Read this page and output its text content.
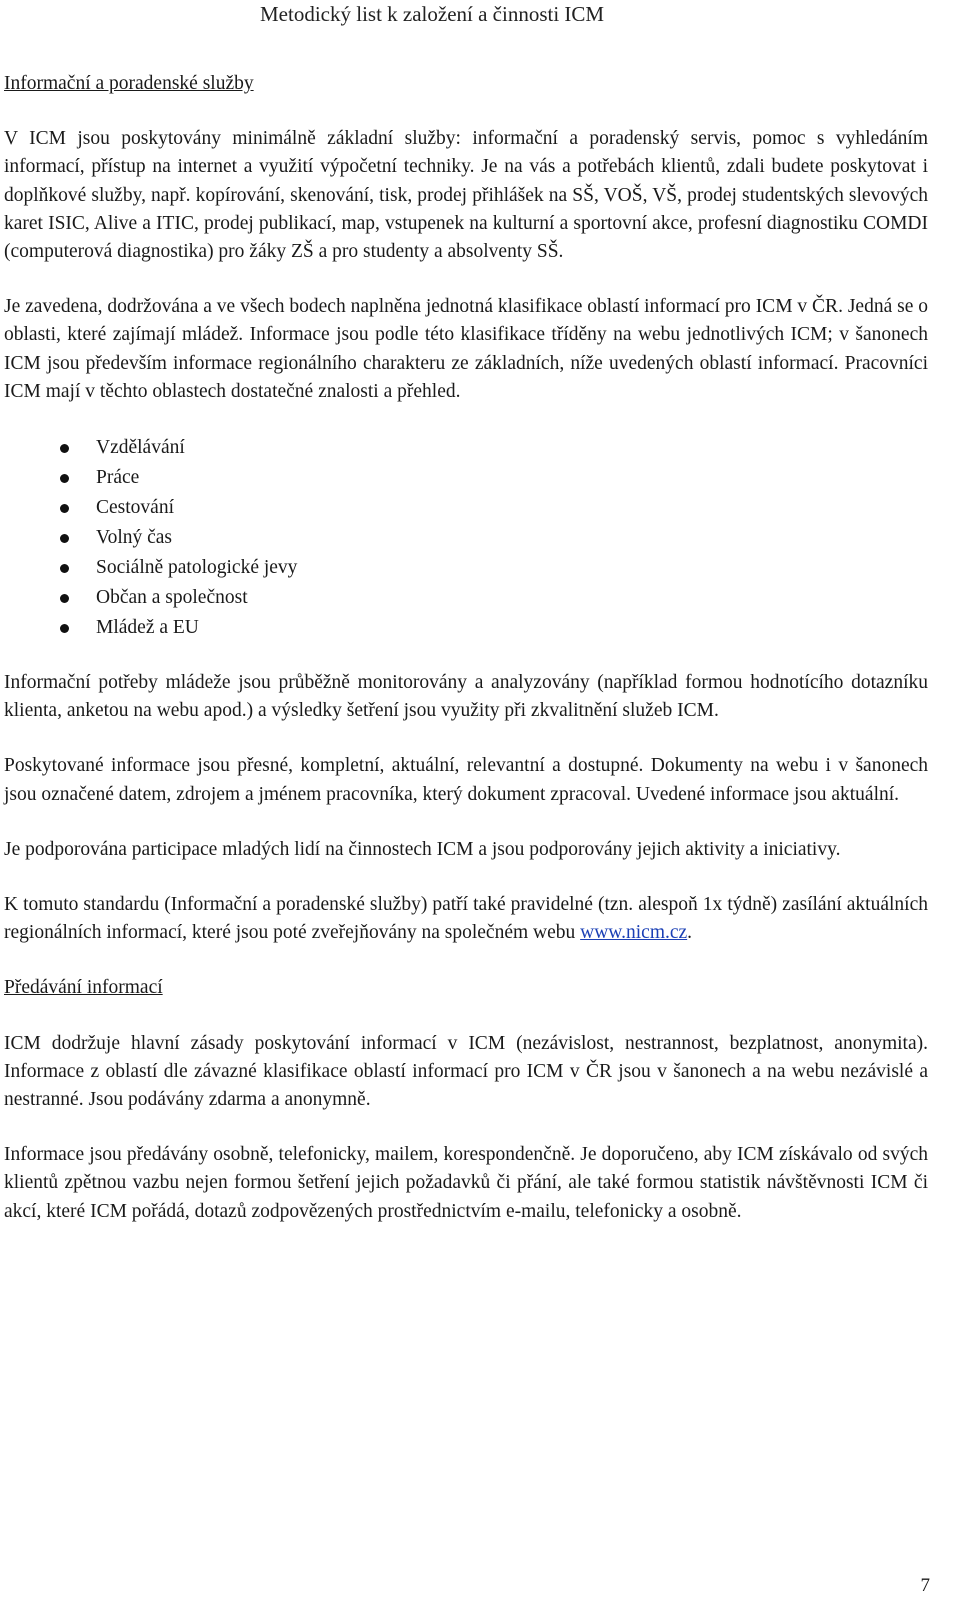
Metodický list k založení a činnosti ICM
Informační a poradenské služby

V ICM jsou poskytovány minimálně základní služby: informační a poradenský servis, pomoc s vyhledáním informací, přístup na internet a využití výpočetní techniky. Je na vás a potřebách klientů, zdali budete poskytovat i doplňkové služby, např. kopírování, skenování, tisk, prodej přihlášek na SŠ, VOŠ, VŠ, prodej studentských slevových karet ISIC, Alive a ITIC, prodej publikací, map, vstupenek na kulturní a sportovní akce, profesní diagnostiku COMDI (computerová diagnostika) pro žáky ZŠ a pro studenty a absolventy SŠ.

Je zavedena, dodržována a ve všech bodech naplněna jednotná klasifikace oblastí informací pro ICM v ČR. Jedná se o oblasti, které zajímají mládež. Informace jsou podle této klasifikace tříděny na webu jednotlivých ICM; v šanonech ICM jsou především informace regionálního charakteru ze základních, níže uvedených oblastí informací. Pracovníci ICM mají v těchto oblastech dostatečné znalosti a přehled.

Vzdělávání
Práce
Cestování
Volný čas
Sociálně patologické jevy
Občan a společnost
Mládež a EU

Informační potřeby mládeže jsou průběžně monitorovány a analyzovány (například formou hodnotícího dotazníku klienta, anketou na webu apod.) a výsledky šetření jsou využity při zkvalitnění služeb ICM.

Poskytované informace jsou přesné, kompletní, aktuální, relevantní a dostupné. Dokumenty na webu i v šanonech jsou označené datem, zdrojem a jménem pracovníka, který dokument zpracoval. Uvedené informace jsou aktuální.

Je podporována participace mladých lidí na činnostech ICM a jsou podporovány jejich aktivity a iniciativy.

K tomuto standardu (Informační a poradenské služby) patří také pravidelné (tzn. alespoň 1x týdně) zasílání aktuálních regionálních informací, které jsou poté zveřejňovány na společném webu www.nicm.cz.

Předávání informací

ICM dodržuje hlavní zásady poskytování informací v ICM (nezávislost, nestrannost, bezplatnost, anonymita). Informace z oblastí dle závazné klasifikace oblastí informací pro ICM v ČR jsou v šanonech a na webu nezávislé a nestranné. Jsou podávány zdarma a anonymně.

Informace jsou předávány osobně, telefonicky, mailem, korespondenčně. Je doporučeno, aby ICM získávalo od svých klientů zpětnou vazbu nejen formou šetření jejich požadavků či přání, ale také formou statistik návštěvnosti ICM či akcí, které ICM pořádá, dotazů zodpovězených prostřednictvím e-mailu, telefonicky a osobně.

7
